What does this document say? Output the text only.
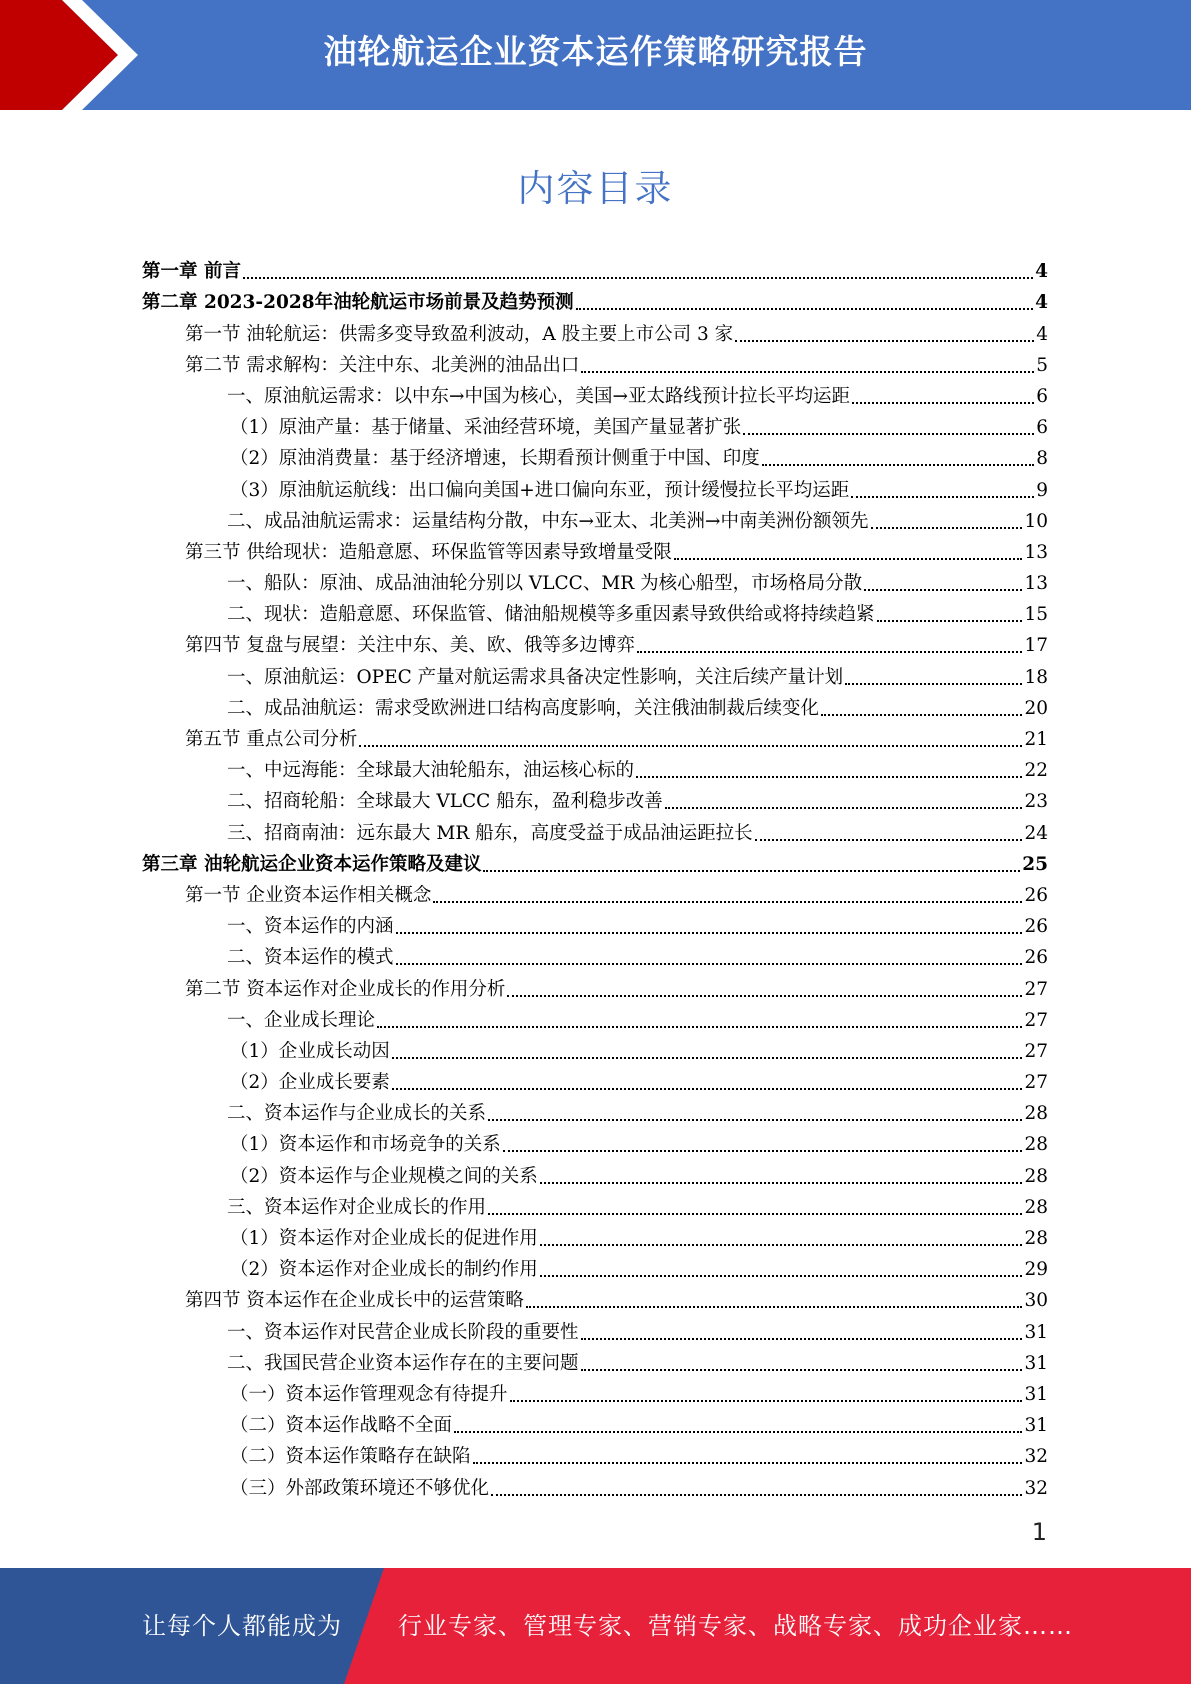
油轮航运企业资本运作策略研究报告
内容目录
第一章 前言	4
第二章 2023-2028年油轮航运市场前景及趋势预测	4
第一节 油轮航运：供需多变导致盈利波动，A 股主要上市公司 3 家	4
第二节 需求解构：关注中东、北美洲的油品出口	5
一、原油航运需求：以中东→中国为核心，美国→亚太路线预计拉长平均运距	6
（1）原油产量：基于储量、采油经营环境，美国产量显著扩张	6
（2）原油消费量：基于经济增速，长期看预计侧重于中国、印度	8
（3）原油航运航线：出口偏向美国+进口偏向东亚，预计缓慢拉长平均运距	9
二、成品油航运需求：运量结构分散，中东→亚太、北美洲→中南美洲份额领先	10
第三节 供给现状：造船意愿、环保监管等因素导致增量受限	13
一、船队：原油、成品油油轮分别以 VLCC、MR 为核心船型，市场格局分散	13
二、现状：造船意愿、环保监管、储油船规模等多重因素导致供给或将持续趋紧	15
第四节 复盘与展望：关注中东、美、欧、俄等多边博弈	17
一、原油航运：OPEC 产量对航运需求具备决定性影响，关注后续产量计划	18
二、成品油航运：需求受欧洲进口结构高度影响，关注俄油制裁后续变化	20
第五节 重点公司分析	21
一、中远海能：全球最大油轮船东，油运核心标的	22
二、招商轮船：全球最大 VLCC 船东，盈利稳步改善	23
三、招商南油：远东最大 MR 船东，高度受益于成品油运距拉长	24
第三章 油轮航运企业资本运作策略及建议	25
第一节 企业资本运作相关概念	26
一、资本运作的内涵	26
二、资本运作的模式	26
第二节 资本运作对企业成长的作用分析	27
一、企业成长理论	27
（1）企业成长动因	27
（2）企业成长要素	27
二、资本运作与企业成长的关系	28
（1）资本运作和市场竞争的关系	28
（2）资本运作与企业规模之间的关系	28
三、资本运作对企业成长的作用	28
（1）资本运作对企业成长的促进作用	28
（2）资本运作对企业成长的制约作用	29
第四节 资本运作在企业成长中的运营策略	30
一、资本运作对民营企业成长阶段的重要性	31
二、我国民营企业资本运作存在的主要问题	31
（一）资本运作管理观念有待提升	31
（二）资本运作战略不全面	31
（二）资本运作策略存在缺陷	32
（三）外部政策环境还不够优化	32
1
让每个人都能成为 行业专家、管理专家、营销专家、战略专家、成功企业家……
